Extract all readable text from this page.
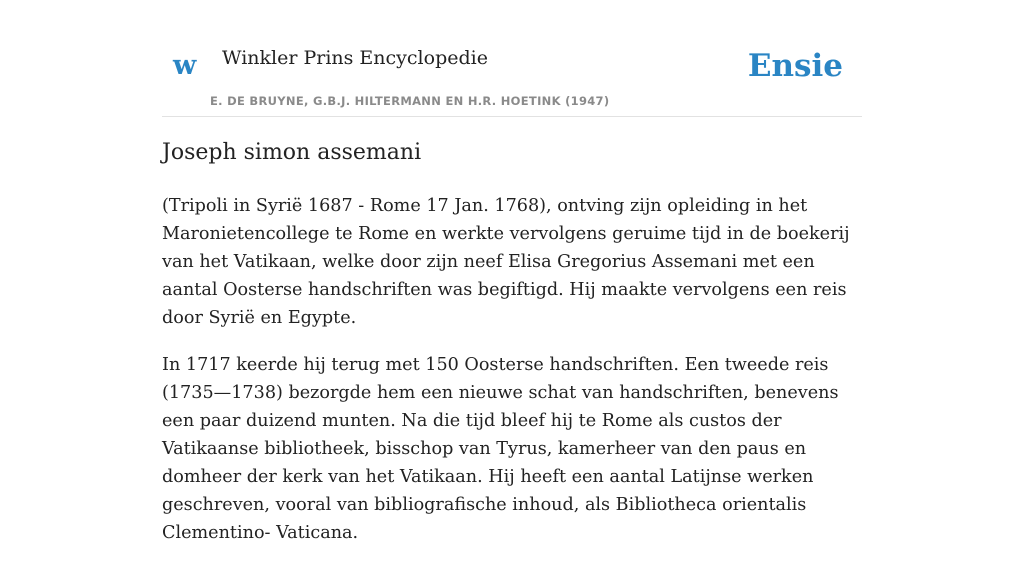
w Winkler Prins Encyclopedie
E. DE BRUYNE, G.B.J. HILTERMANN EN H.R. HOETINK (1947)
Ensie
Joseph simon assemani

(Tripoli in Syrië 1687 - Rome 17 Jan. 1768), ontving zijn opleiding in het Maronietencollege te Rome en werkte vervolgens geruime tijd in de boekerij van het Vatikaan, welke door zijn neef Elisa Gregorius Assemani met een aantal Oosterse handschriften was begiftigd. Hij maakte vervolgens een reis door Syrië en Egypte.

In 1717 keerde hij terug met 150 Oosterse handschriften. Een tweede reis (1735—1738) bezorgde hem een nieuwe schat van handschriften, benevens een paar duizend munten. Na die tijd bleef hij te Rome als custos der Vatikaanse bibliotheek, bisschop van Tyrus, kamerheer van den paus en domheer der kerk van het Vatikaan. Hij heeft een aantal Latijnse werken geschreven, vooral van bibliografische inhoud, als Bibliotheca orientalis Clementino- Vaticana.
